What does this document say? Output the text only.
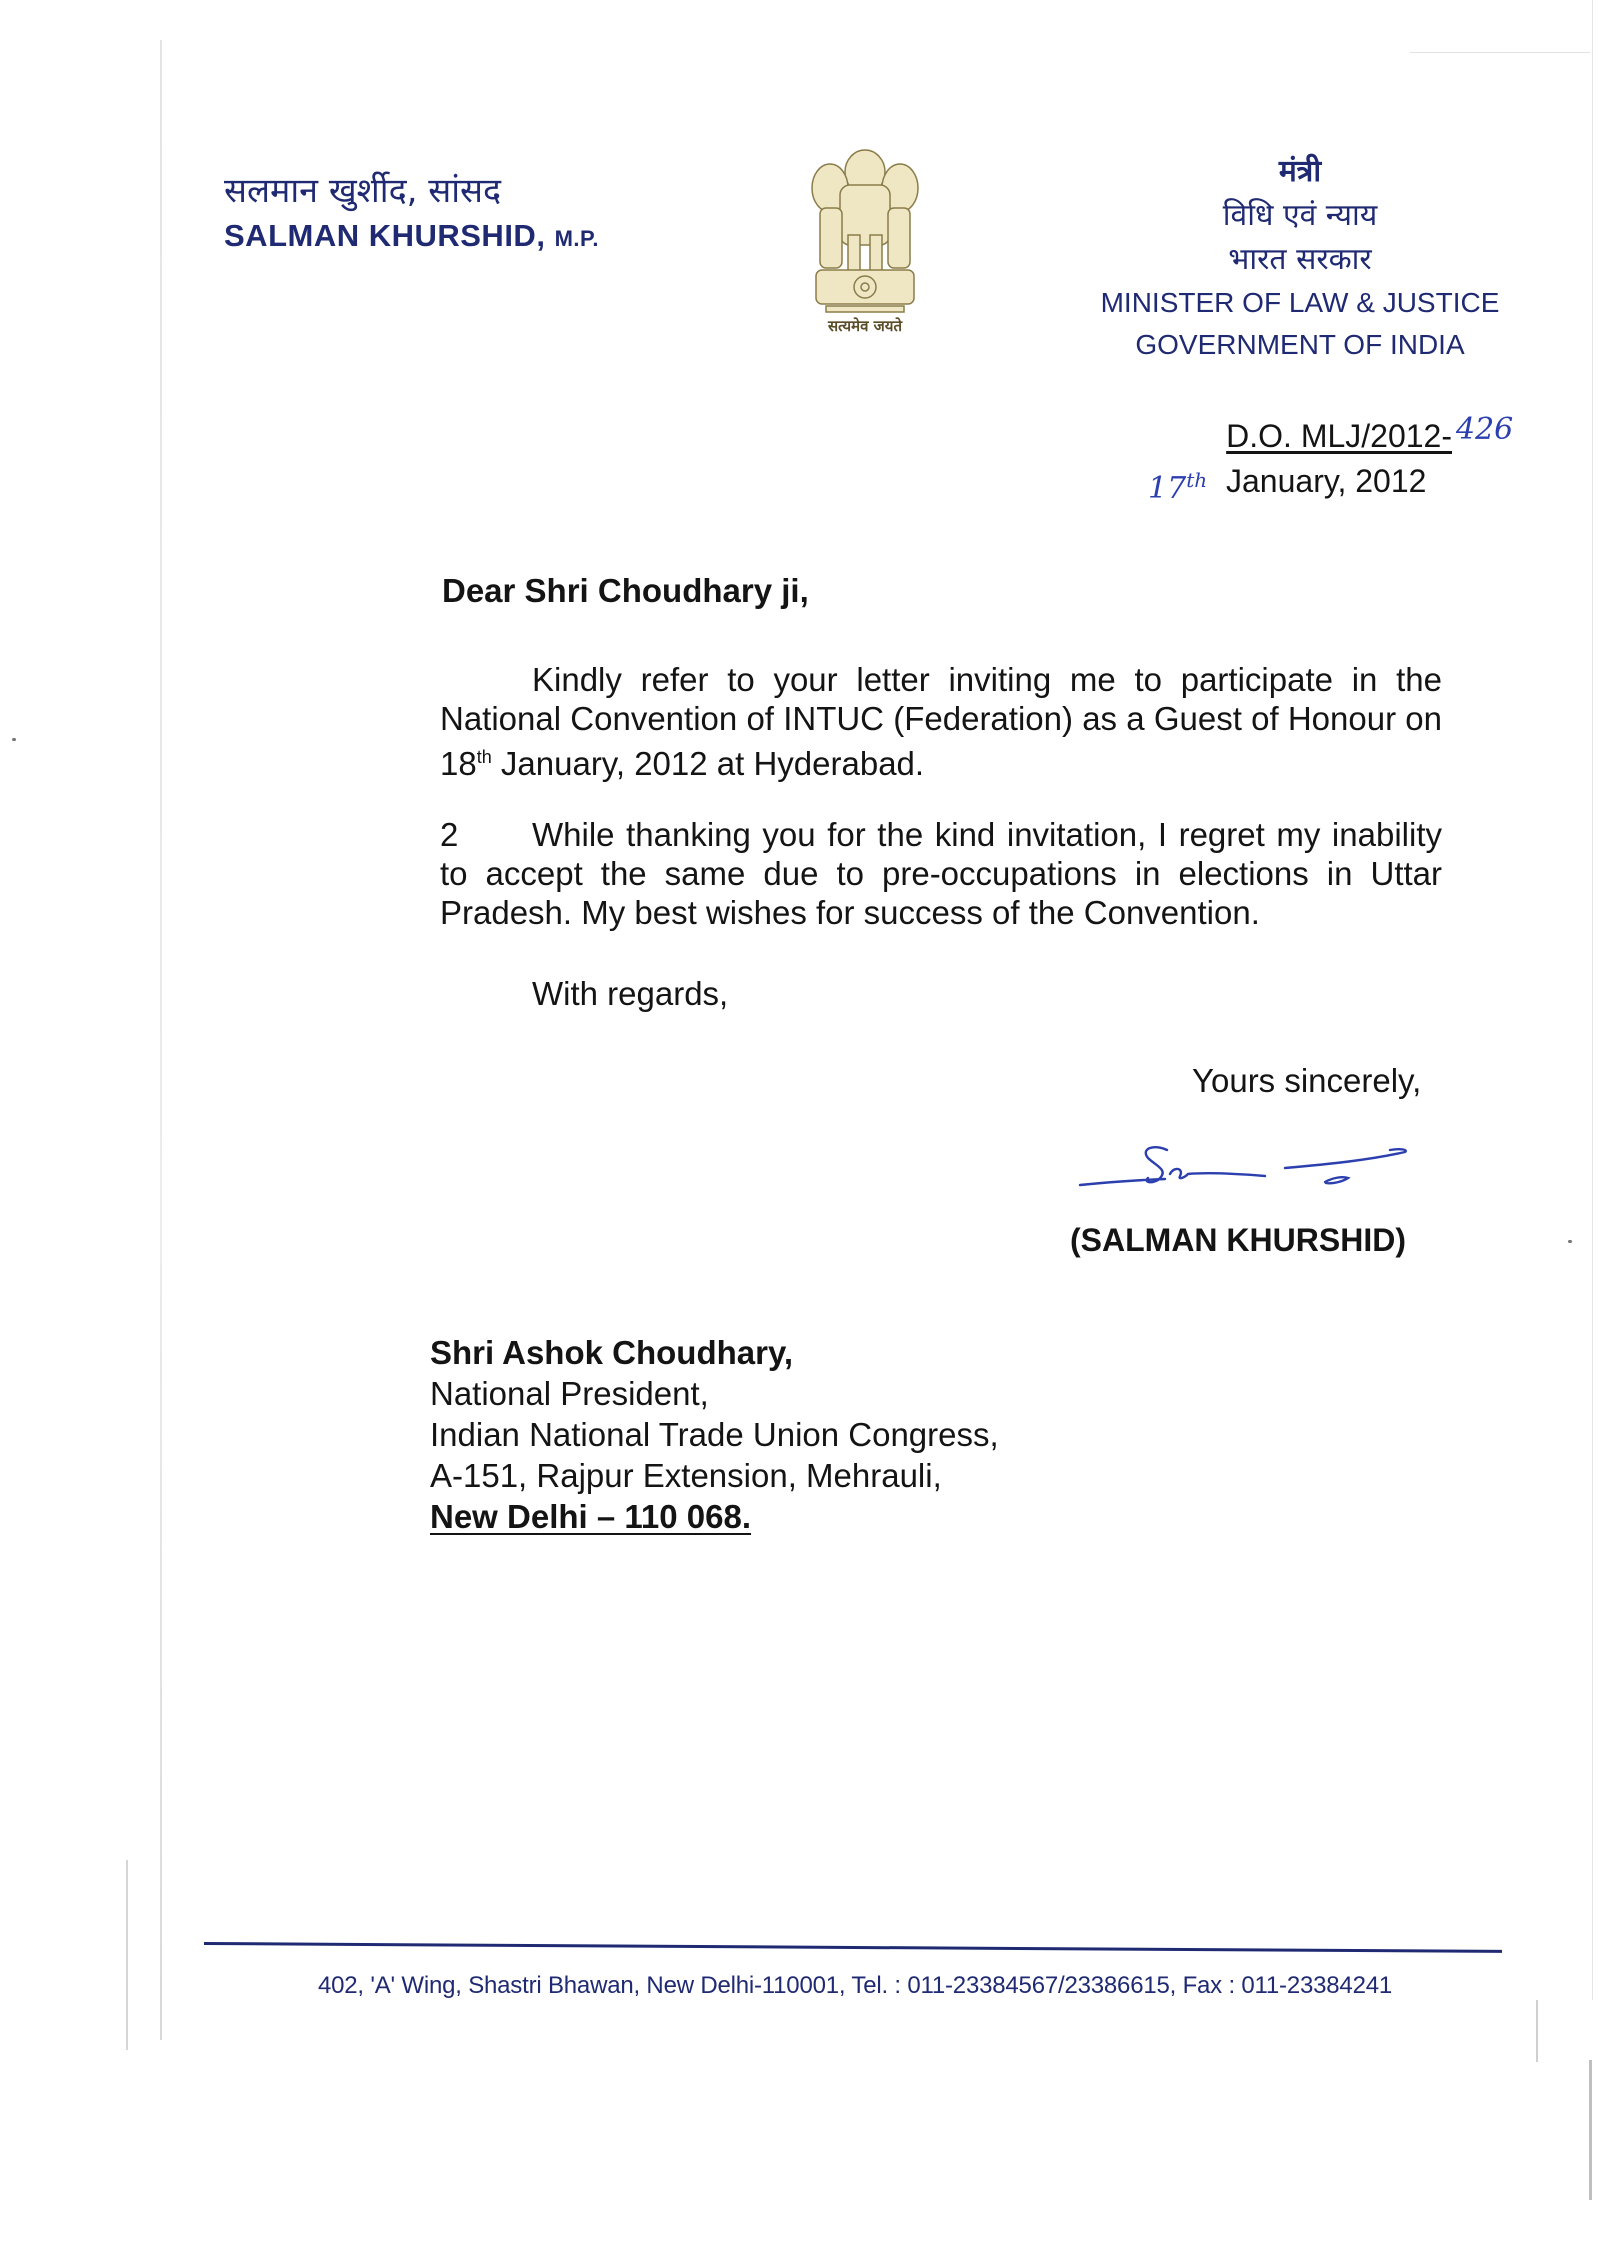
सलमान खुर्शीद, सांसद
SALMAN KHURSHID, M.P.
सत्यमेव जयते
मंत्री
विधि एवं न्याय
भारत सरकार
MINISTER OF LAW & JUSTICE
GOVERNMENT OF INDIA
D.O. MLJ/2012- 426
17th January, 2012
Dear Shri Choudhary ji,
Kindly refer to your letter inviting me to participate in the National Convention of INTUC (Federation) as a Guest of Honour on 18th January, 2012 at Hyderabad.
2 While thanking you for the kind invitation, I regret my inability to accept the same due to pre-occupations in elections in Uttar Pradesh. My best wishes for success of the Convention.
With regards,
Yours sincerely,
(SALMAN KHURSHID)
Shri Ashok Choudhary,
National President,
Indian National Trade Union Congress,
A-151, Rajpur Extension, Mehrauli,
New Delhi – 110 068.
402, 'A' Wing, Shastri Bhawan, New Delhi-110001, Tel. : 011-23384567/23386615, Fax : 011-23384241
